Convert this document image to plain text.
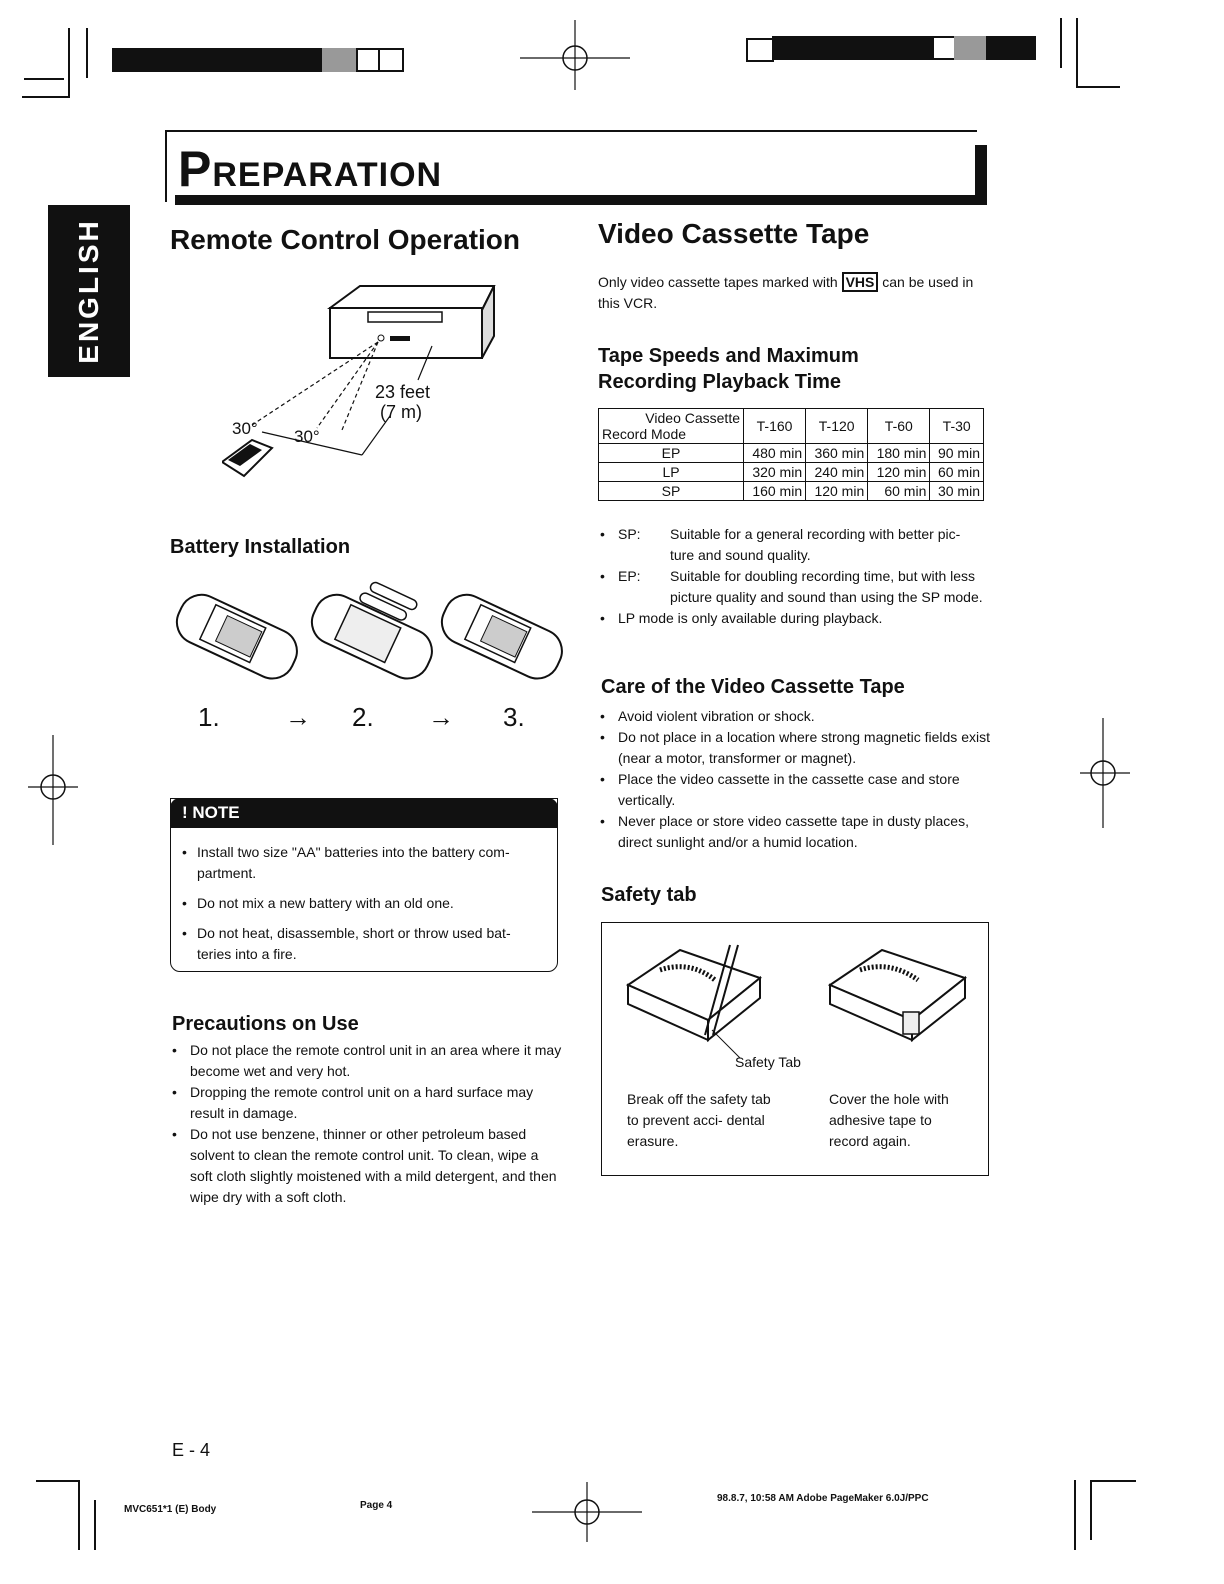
PREPARATION
ENGLISH Remote Control Operation
23 feet
(7 m)
30° 30°
Battery Installation
1.	→ 2. → 3.
! NOTE
• Install two size "AA" batteries into the battery com- partment.
• Do not mix a new battery with an old one.
• Do not heat, disassemble, short or throw used bat- teries into a fire.
Precautions on Use
• Do not place the remote control unit in an area where it may become wet and very hot.
• Dropping the remote control unit on a hard surface may result in damage.
• Do not use benzene, thinner or other petroleum based solvent to clean the remote control unit. To clean, wipe a soft cloth slightly moistened with a mild detergent, and then wipe dry with a soft cloth.
Video Cassette Tape
Only video cassette tapes marked with VHS can be used in this VCR.
Tape Speeds and Maximum
Recording Playback Time
Video Cassette
Record Mode	T-160	T-120	T-60	T-30
EP	480 min	360 min	180 min	90 min
LP	320 min	240 min	120 min	60 min
SP	160 min	120 min	60 min	30 min
• SP: Suitable for a general recording with better pic- ture and sound quality.
• EP: Suitable for doubling recording time, but with less picture quality and sound than using the SP mode.
• LP mode is only available during playback.
Care of the Video Cassette Tape
• Avoid violent vibration or shock.
• Do not place in a location where strong magnetic fields exist (near a motor, transformer or magnet).
• Place the video cassette in the cassette case and store vertically.
• Never place or store video cassette tape in dusty places, direct sunlight and/or a humid location.
Safety tab
Safety Tab
Break off the safety tab to prevent acci- dental erasure.
Cover the hole with adhesive tape to record again.
E - 4
MVC651*1 (E) Body	Page 4
98.8.7, 10:58 AM Adobe PageMaker 6.0J/PPC
